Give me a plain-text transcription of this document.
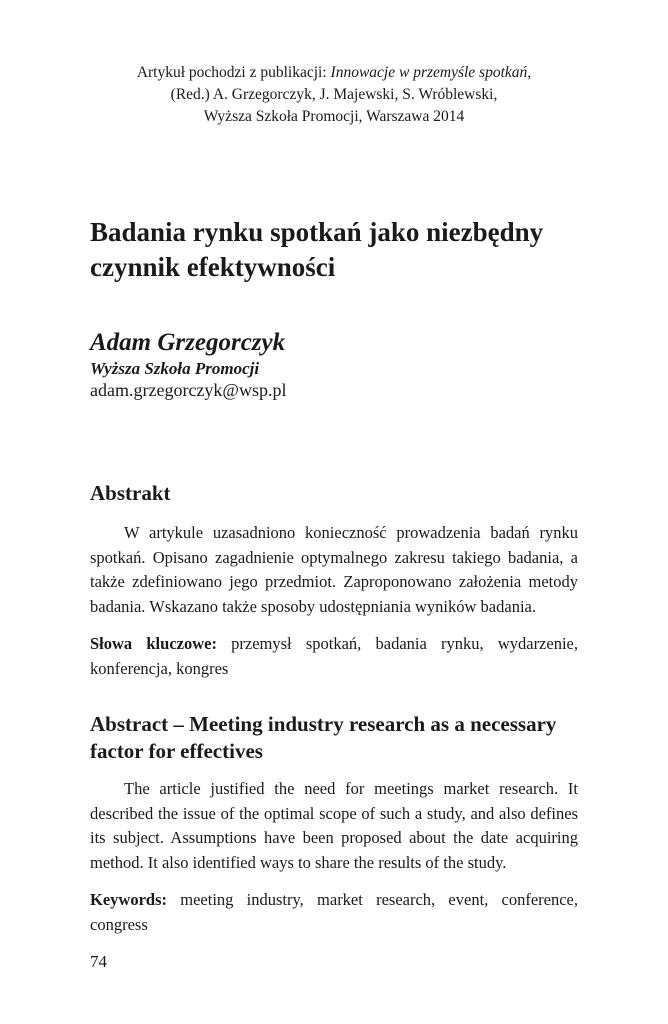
Artykuł pochodzi z publikacji: Innowacje w przemyśle spotkań,
(Red.) A. Grzegorczyk, J. Majewski, S. Wróblewski,
Wyższa Szkoła Promocji, Warszawa 2014
Badania rynku spotkań jako niezbędny czynnik efektywności
Adam Grzegorczyk
Wyższa Szkoła Promocji
adam.grzegorczyk@wsp.pl
Abstrakt

W artykule uzasadniono konieczność prowadzenia badań rynku spotkań. Opisano zagadnienie optymalnego zakresu takiego badania, a także zdefiniowano jego przedmiot. Zaproponowano założenia metody badania. Wskazano także sposoby udostępniania wyników badania.

Słowa kluczowe: przemysł spotkań, badania rynku, wydarzenie, konferencja, kongres

Abstract – Meeting industry research as a necessary factor for effectives

The article justified the need for meetings market research. It described the issue of the optimal scope of such a study, and also defines its subject. Assumptions have been proposed about the date acquiring method. It also identified ways to share the results of the study.

Keywords: meeting industry, market research, event, conference, congress

74
